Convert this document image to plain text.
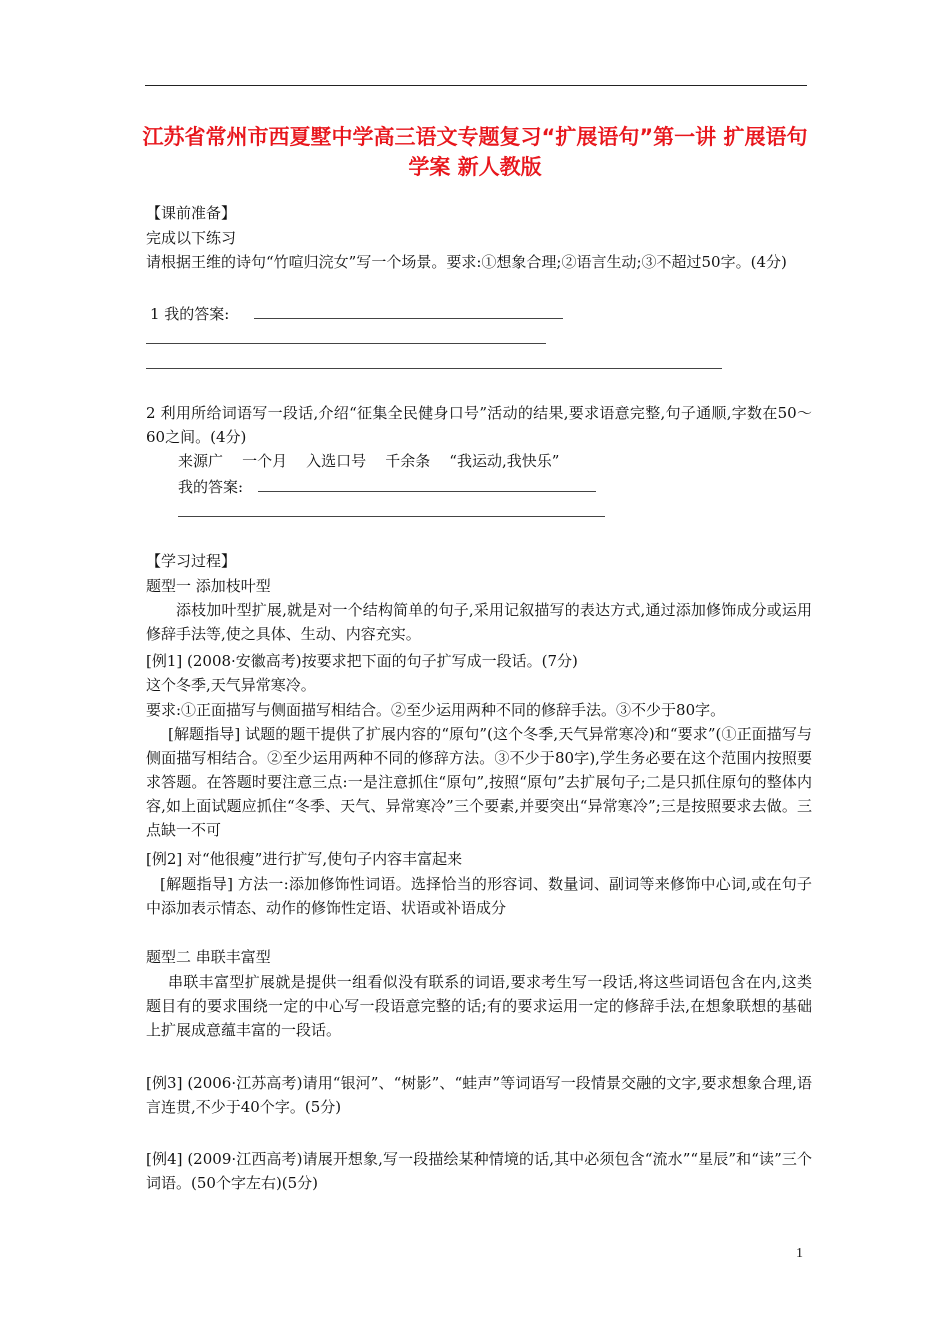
江苏省常州市西夏墅中学高三语文专题复习“扩展语句”第一讲 扩展语句学案 新人教版
【课前准备】
完成以下练习
请根据王维的诗句“竹喧归浣女”写一个场景。要求:①想象合理;②语言生动;③不超过50字。(4分)
1 我的答案:
2 利用所给词语写一段话,介绍“征集全民健身口号”活动的结果,要求语意完整,句子通顺,字数在50～60之间。(4分)
来源广    一个月    入选口号    千余条    “我运动,我快乐”
我的答案:
【学习过程】
题型一 添加枝叶型
添枝加叶型扩展,就是对一个结构简单的句子,采用记叙描写的表达方式,通过添加修饰成分或运用修辞手法等,使之具体、生动、内容充实。
[例1] (2008·安徽高考)按要求把下面的句子扩写成一段话。(7分)
这个冬季,天气异常寒冷。
要求:①正面描写与侧面描写相结合。②至少运用两种不同的修辞手法。③不少于80字。
[解题指导] 试题的题干提供了扩展内容的“原句”(这个冬季,天气异常寒冷)和“要求”(①正面描写与侧面描写相结合。②至少运用两种不同的修辞方法。③不少于80字),学生务必要在这个范围内按照要求答题。在答题时要注意三点:一是注意抓住“原句”,按照“原句”去扩展句子;二是只抓住原句的整体内容,如上面试题应抓住“冬季、天气、异常寒冷”三个要素,并要突出“异常寒冷”;三是按照要求去做。三点缺一不可
[例2] 对“他很瘦”进行扩写,使句子内容丰富起来
[解题指导] 方法一:添加修饰性词语。选择恰当的形容词、数量词、副词等来修饰中心词,或在句子中添加表示情态、动作的修饰性定语、状语或补语成分
题型二 串联丰富型
串联丰富型扩展就是提供一组看似没有联系的词语,要求考生写一段话,将这些词语包含在内,这类题目有的要求围绕一定的中心写一段语意完整的话;有的要求运用一定的修辞手法,在想象联想的基础上扩展成意蕴丰富的一段话。
[例3] (2006·江苏高考)请用“银河”、“树影”、“蛙声”等词语写一段情景交融的文字,要求想象合理,语言连贯,不少于40个字。(5分)
[例4] (2009·江西高考)请展开想象,写一段描绘某种情境的话,其中必须包含“流水”“星辰”和“读”三个词语。(50个字左右)(5分)
1
